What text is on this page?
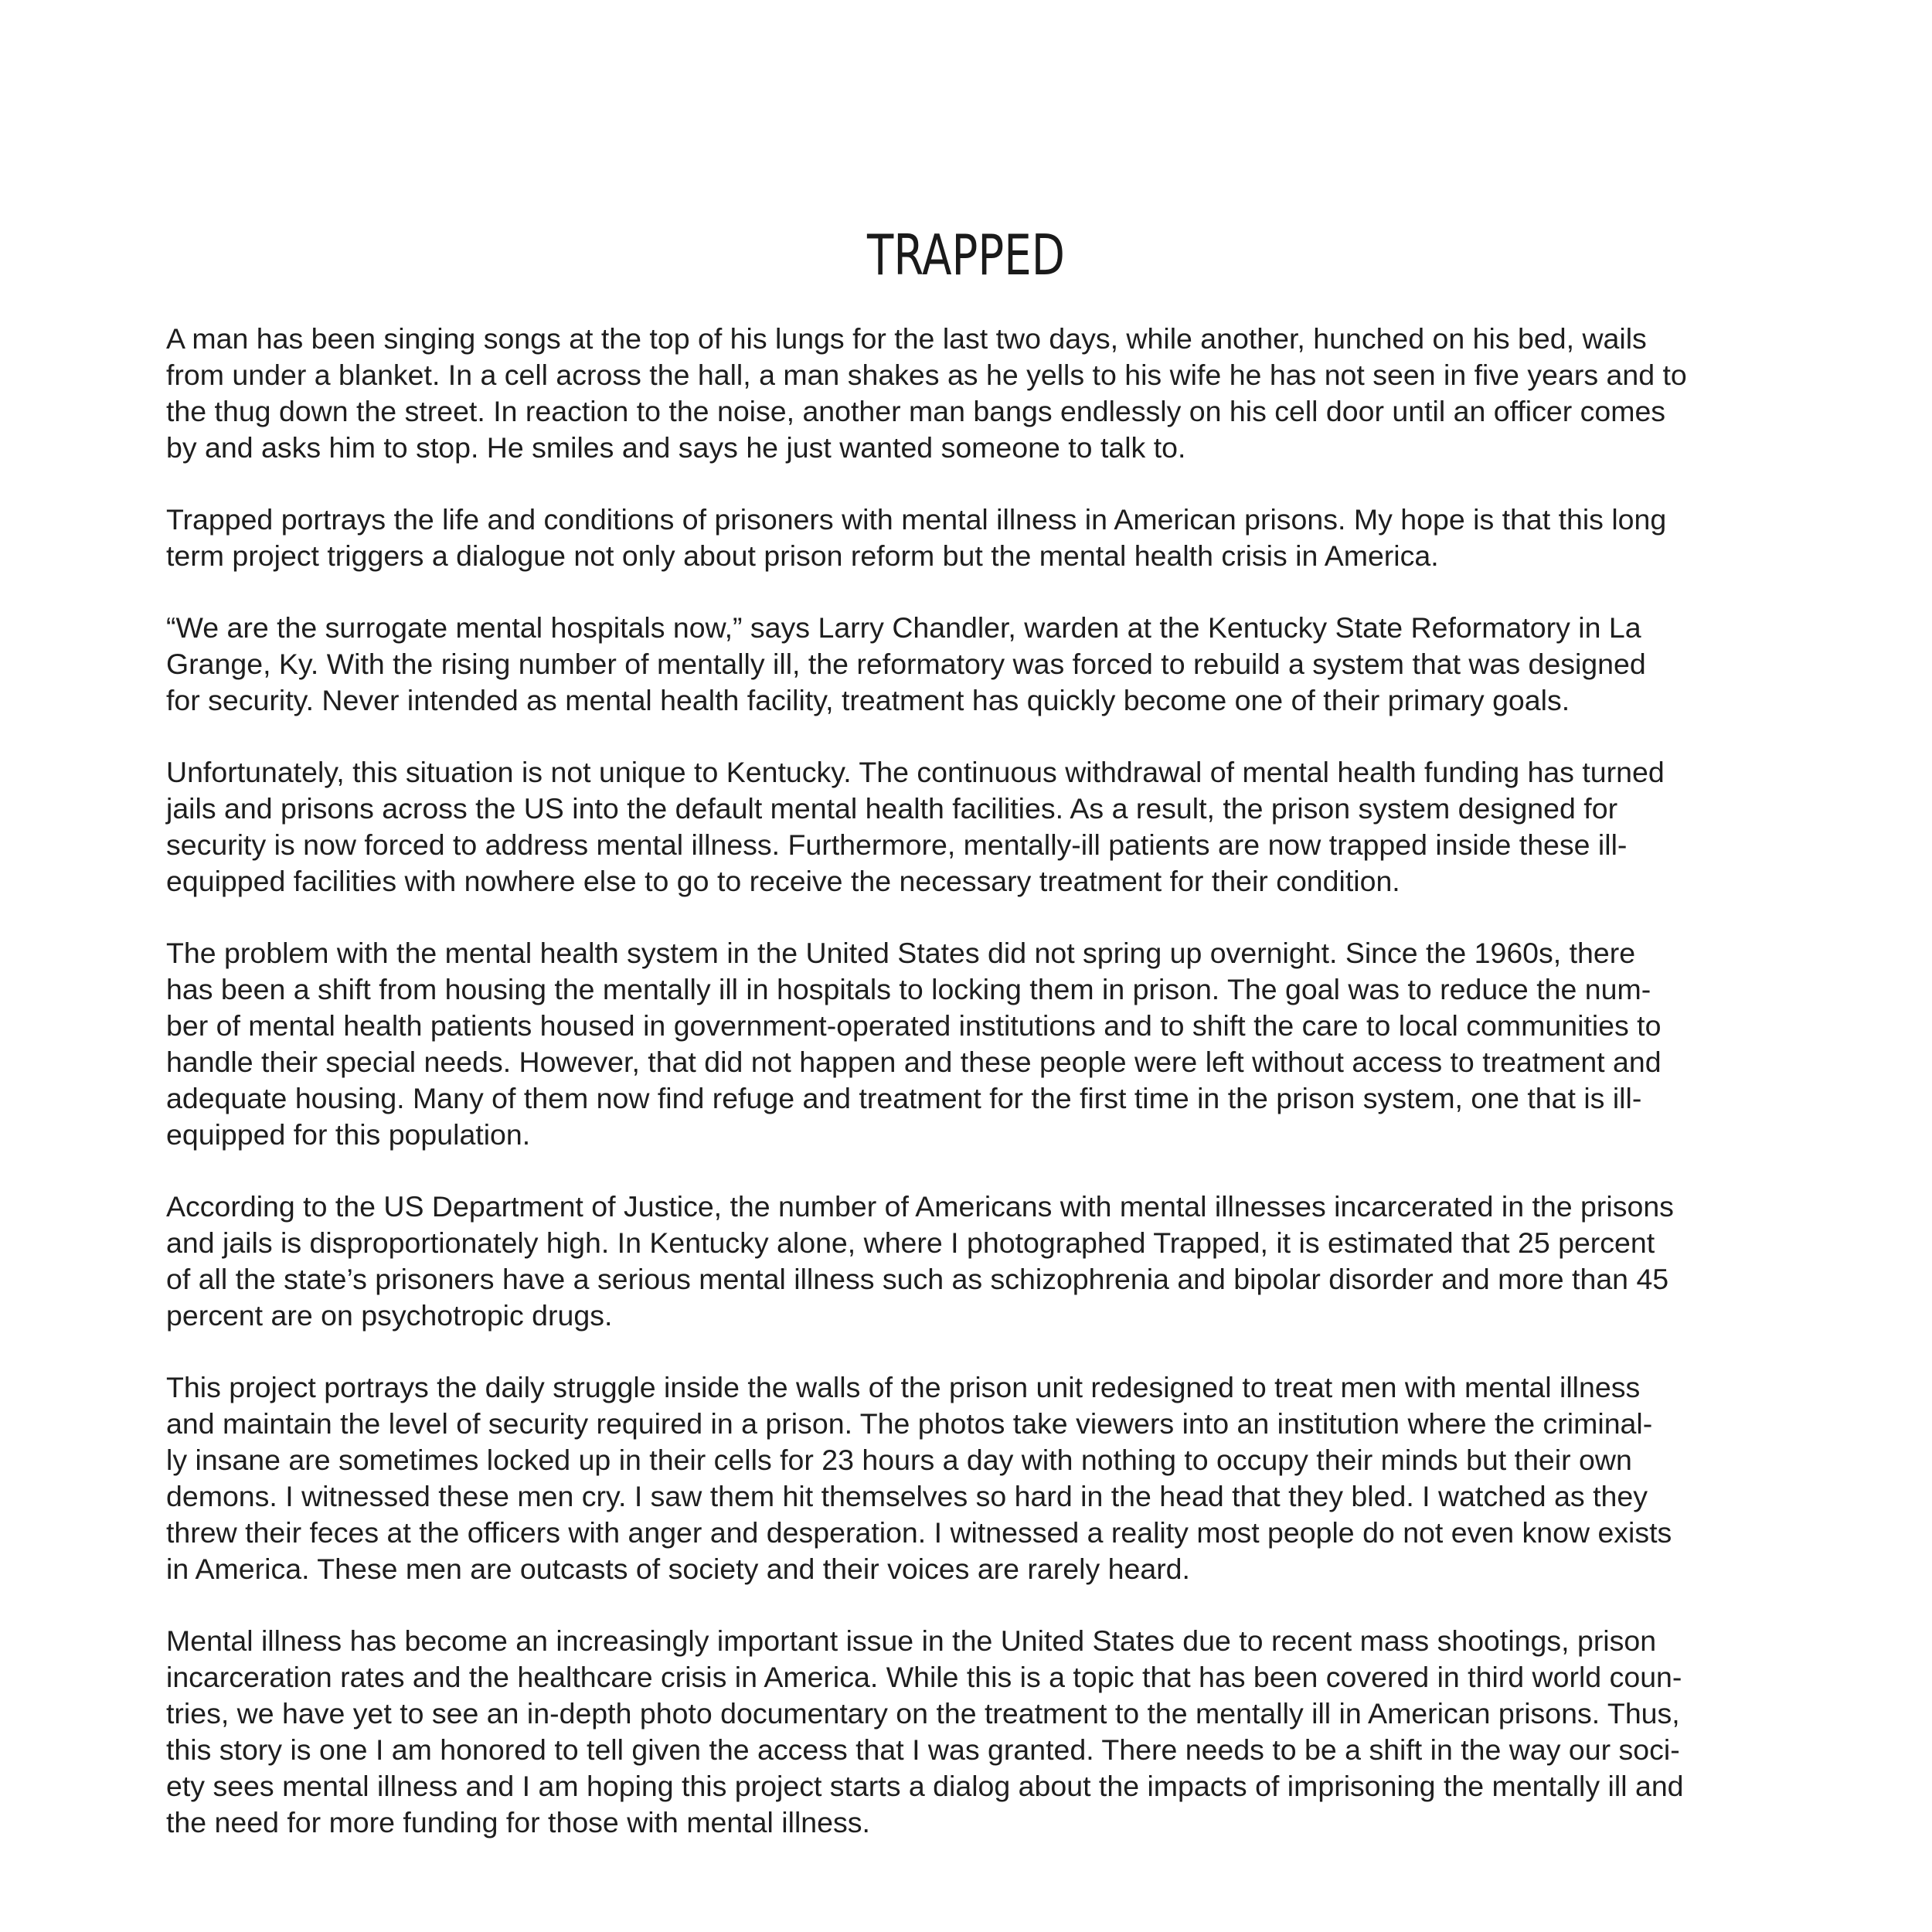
TRAPPED

A man has been singing songs at the top of his lungs for the last two days, while another, hunched on his bed, wails
from under a blanket. In a cell across the hall, a man shakes as he yells to his wife he has not seen in five years and to
the thug down the street. In reaction to the noise, another man bangs endlessly on his cell door until an officer comes
by and asks him to stop. He smiles and says he just wanted someone to talk to.

Trapped portrays the life and conditions of prisoners with mental illness in American prisons. My hope is that this long
term project triggers a dialogue not only about prison reform but the mental health crisis in America.

“We are the surrogate mental hospitals now,” says Larry Chandler, warden at the Kentucky State Reformatory in La
Grange, Ky. With the rising number of mentally ill, the reformatory was forced to rebuild a system that was designed
for security. Never intended as mental health facility, treatment has quickly become one of their primary goals.

Unfortunately, this situation is not unique to Kentucky. The continuous withdrawal of mental health funding has turned
jails and prisons across the US into the default mental health facilities. As a result, the prison system designed for
security is now forced to address mental illness. Furthermore, mentally-ill patients are now trapped inside these ill-
equipped facilities with nowhere else to go to receive the necessary treatment for their condition.

The problem with the mental health system in the United States did not spring up overnight. Since the 1960s, there
has been a shift from housing the mentally ill in hospitals to locking them in prison. The goal was to reduce the num-
ber of mental health patients housed in government-operated institutions and to shift the care to local communities to
handle their special needs. However, that did not happen and these people were left without access to treatment and
adequate housing. Many of them now find refuge and treatment for the first time in the prison system, one that is ill-
equipped for this population.

According to the US Department of Justice, the number of Americans with mental illnesses incarcerated in the prisons
and jails is disproportionately high. In Kentucky alone, where I photographed Trapped, it is estimated that 25 percent
of all the state’s prisoners have a serious mental illness such as schizophrenia and bipolar disorder and more than 45
percent are on psychotropic drugs.

This project portrays the daily struggle inside the walls of the prison unit redesigned to treat men with mental illness
and maintain the level of security required in a prison. The photos take viewers into an institution where the criminal-
ly insane are sometimes locked up in their cells for 23 hours a day with nothing to occupy their minds but their own
demons. I witnessed these men cry. I saw them hit themselves so hard in the head that they bled. I watched as they
threw their feces at the officers with anger and desperation. I witnessed a reality most people do not even know exists
in America. These men are outcasts of society and their voices are rarely heard.

Mental illness has become an increasingly important issue in the United States due to recent mass shootings, prison
incarceration rates and the healthcare crisis in America. While this is a topic that has been covered in third world coun-
tries, we have yet to see an in-depth photo documentary on the treatment to the mentally ill in American prisons. Thus,
this story is one I am honored to tell given the access that I was granted. There needs to be a shift in the way our soci-
ety sees mental illness and I am hoping this project starts a dialog about the impacts of imprisoning the mentally ill and
the need for more funding for those with mental illness.
